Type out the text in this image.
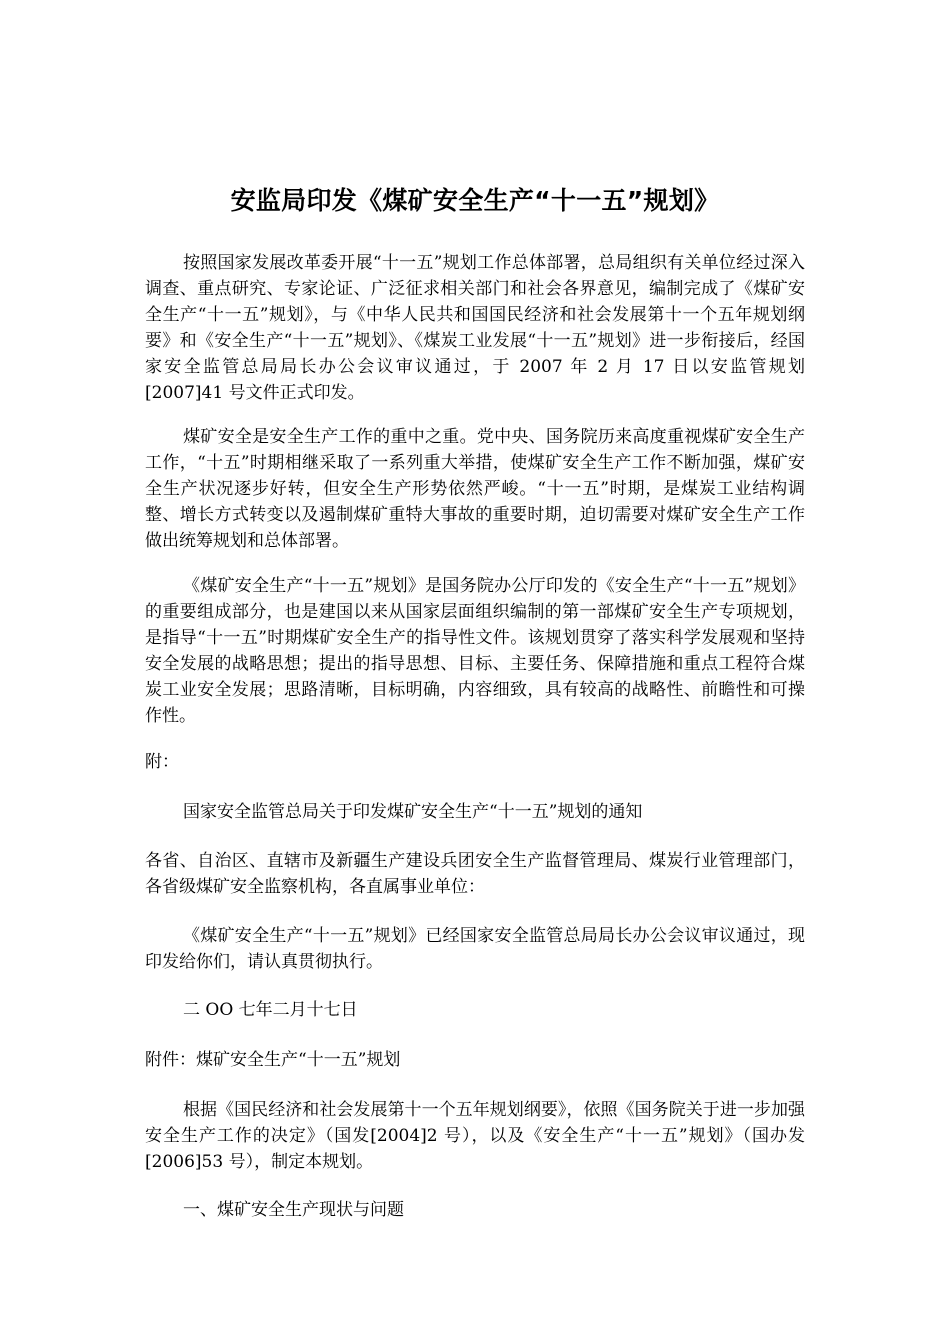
安监局印发《煤矿安全生产“十一五”规划》

按照国家发展改革委开展“十一五”规划工作总体部署，总局组织有关单位经过深入调查、重点研究、专家论证、广泛征求相关部门和社会各界意见，编制完成了《煤矿安全生产“十一五”规划》，与《中华人民共和国国民经济和社会发展第十一个五年规划纲要》和《安全生产“十一五”规划》、《煤炭工业发展“十一五”规划》进一步衔接后，经国家安全监管总局局长办公会议审议通过，于 2007 年 2 月 17 日以安监管规划[2007]41 号文件正式印发。

煤矿安全是安全生产工作的重中之重。党中央、国务院历来高度重视煤矿安全生产工作，“十五”时期相继采取了一系列重大举措，使煤矿安全生产工作不断加强，煤矿安全生产状况逐步好转，但安全生产形势依然严峻。“十一五”时期，是煤炭工业结构调整、增长方式转变以及遏制煤矿重特大事故的重要时期，迫切需要对煤矿安全生产工作做出统筹规划和总体部署。

《煤矿安全生产“十一五”规划》是国务院办公厅印发的《安全生产“十一五”规划》的重要组成部分，也是建国以来从国家层面组织编制的第一部煤矿安全生产专项规划，是指导“十一五”时期煤矿安全生产的指导性文件。该规划贯穿了落实科学发展观和坚持安全发展的战略思想；提出的指导思想、目标、主要任务、保障措施和重点工程符合煤炭工业安全发展；思路清晰，目标明确，内容细致，具有较高的战略性、前瞻性和可操作性。

附：

国家安全监管总局关于印发煤矿安全生产“十一五”规划的通知

各省、自治区、直辖市及新疆生产建设兵团安全生产监督管理局、煤炭行业管理部门，各省级煤矿安全监察机构，各直属事业单位：

《煤矿安全生产“十一五”规划》已经国家安全监管总局局长办公会议审议通过，现印发给你们，请认真贯彻执行。

二 OO 七年二月十七日

附件：煤矿安全生产“十一五”规划

根据《国民经济和社会发展第十一个五年规划纲要》，依照《国务院关于进一步加强安全生产工作的决定》（国发[2004]2 号），以及《安全生产“十一五”规划》（国办发[2006]53 号），制定本规划。

一、煤矿安全生产现状与问题
